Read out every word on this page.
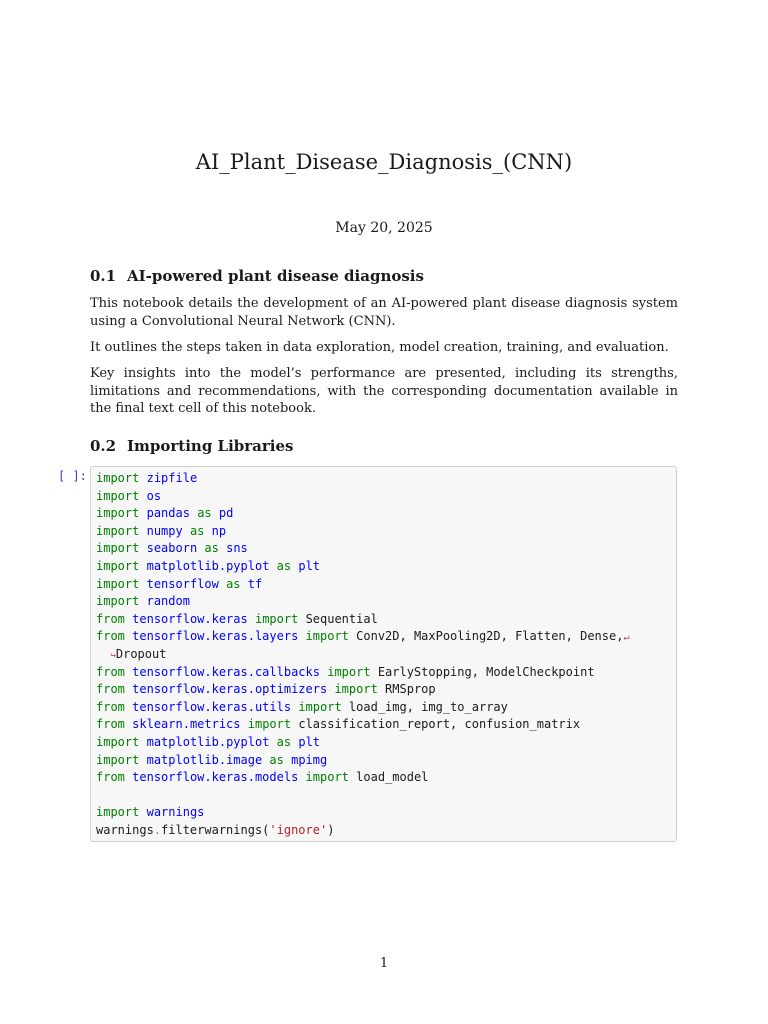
AI_Plant_Disease_Diagnosis_(CNN)
May 20, 2025
0.1 AI-powered plant disease diagnosis

This notebook details the development of an AI-powered plant disease diagnosis system using a Convolutional Neural Network (CNN).

It outlines the steps taken in data exploration, model creation, training, and evaluation.

Key insights into the model’s performance are presented, including its strengths, limitations and recommendations, with the corresponding documentation available in the final text cell of this notebook.

0.2 Importing Libraries
[ ]: import zipfile
import os
import pandas as pd
import numpy as np
import seaborn as sns
import matplotlib.pyplot as plt
import tensorflow as tf
import random
from tensorflow.keras import Sequential
from tensorflow.keras.layers import Conv2D, MaxPooling2D, Flatten, Dense,↵
↪Dropout
from tensorflow.keras.callbacks import EarlyStopping, ModelCheckpoint
from tensorflow.keras.optimizers import RMSprop
from tensorflow.keras.utils import load_img, img_to_array
from sklearn.metrics import classification_report, confusion_matrix
import matplotlib.pyplot as plt
import matplotlib.image as mpimg
from tensorflow.keras.models import load_model
import warnings
warnings.filterwarnings('ignore')
1
